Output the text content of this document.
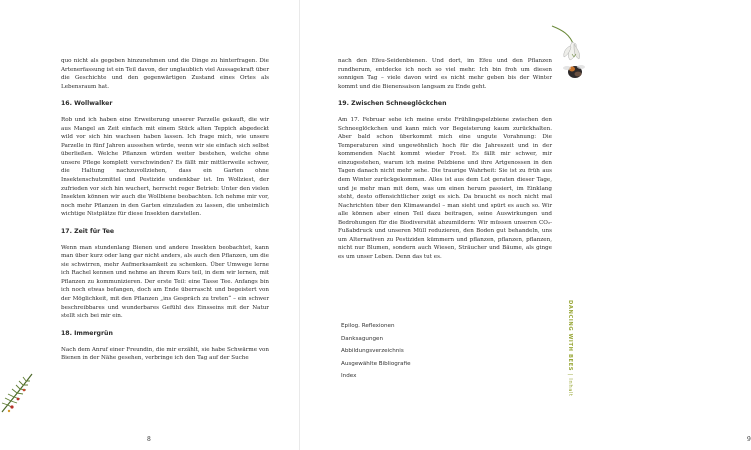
quo nicht als gegeben hinzunehmen und die Dinge zu hinterfragen. Die Artenerfassung ist ein Teil davon, der unglaublich viel Aussagekraft über die Geschichte und den gegenwärtigen Zustand eines Ortes als Lebensraum hat.

16. Wollwalker

Rob und ich haben eine Erweiterung unserer Parzelle gekauft, die wir aus Mangel an Zeit einfach mit einem Stück alten Teppich abgedeckt wild vor sich hin wachsen haben lassen. Ich frage mich, wie unsere Parzelle in fünf Jahren aussehen würde, wenn wir sie einfach sich selbst überließen. Welche Pflanzen würden weiter bestehen, welche ohne unsere Pflege komplett verschwinden? Es fällt mir mittlerweile schwer, die Haltung nachzuvollziehen, dass ein Garten ohne Insektenschutzmittel und Pestizide undenkbar ist. Im Wollziest, der zufrieden vor sich hin wuchert, herrscht reger Betrieb: Unter den vielen Insekten können wir auch die Wollbiene beobachten. Ich nehme mir vor, noch mehr Pflanzen in den Garten einzuladen zu lassen, die unheimlich wichtige Nistplätze für diese Insekten darstellen.

17. Zeit für Tee

Wenn man stundenlang Bienen und andere Insekten beobachtet, kann man über kurz oder lang gar nicht anders, als auch den Pflanzen, um die sie schwirren, mehr Aufmerksamkeit zu schenken. Über Umwege lerne ich Rachel kennen und nehme an ihrem Kurs teil, in dem wir lernen, mit Pflanzen zu kommunizieren. Der erste Teil: eine Tasse Tee. Anfangs bin ich noch etwas befangen, doch am Ende überrascht und begeistert von der Möglichkeit, mit den Pflanzen „ins Gespräch zu treten“ – ein schwer beschreibbares und wunderbares Gefühl des Einsseins mit der Natur stellt sich bei mir ein.

18. Immergrün

Nach dem Anruf einer Freundin, die mir erzählt, sie habe Schwärme von Bienen in der Nähe gesehen, verbringe ich den Tag auf der Suche

8

nach den Efeu-Seidenbienen. Und dort, im Efeu und den Pflanzen rundherum, entdecke ich noch so viel mehr. Ich bin froh um diesen sonnigen Tag – viele davon wird es nicht mehr geben bis der Winter kommt und die Bienensaison langsam zu Ende geht.

19. Zwischen Schneeglöckchen

Am 17. Februar sehe ich meine erste Frühlingspelzbiene zwischen den Schneeglöckchen und kann mich vor Begeisterung kaum zurückhalten. Aber bald schon überkommt mich eine ungute Vorahnung: Die Temperaturen sind ungewöhnlich hoch für die Jahreszeit und in der kommenden Nacht kommt wieder Frost. Es fällt mir schwer, mir einzugestehen, warum ich meine Pelzbiene und ihre Artgenossen in den Tagen danach nicht mehr sehe. Die traurige Wahrheit: Sie ist zu früh aus dem Winter zurückgekommen. Alles ist aus dem Lot geraten dieser Tage, und je mehr man mit dem, was um einen herum passiert, im Einklang steht, desto offensichtlicher zeigt es sich. Da braucht es noch nicht mal Nachrichten über den Klimawandel – man sieht und spürt es auch so. Wir alle können aber einen Teil dazu beitragen, seine Auswirkungen und Bedrohungen für die Biodiversität abzumildern: Wir müssen unseren CO₂-Fußabdruck und unseren Müll reduzieren, den Boden gut behandeln, uns um Alternativen zu Pestiziden kümmern und pflanzen, pflanzen, pflanzen, nicht nur Blumen, sondern auch Wiesen, Sträucher und Bäume, als ginge es um unser Leben. Denn das tut es.

9
Epilog. Reflexionen
Danksagungen
Abbildungsverzeichnis
Ausgewählte Bibliografie
Index
DANCING WITH BEES | Inhalt
